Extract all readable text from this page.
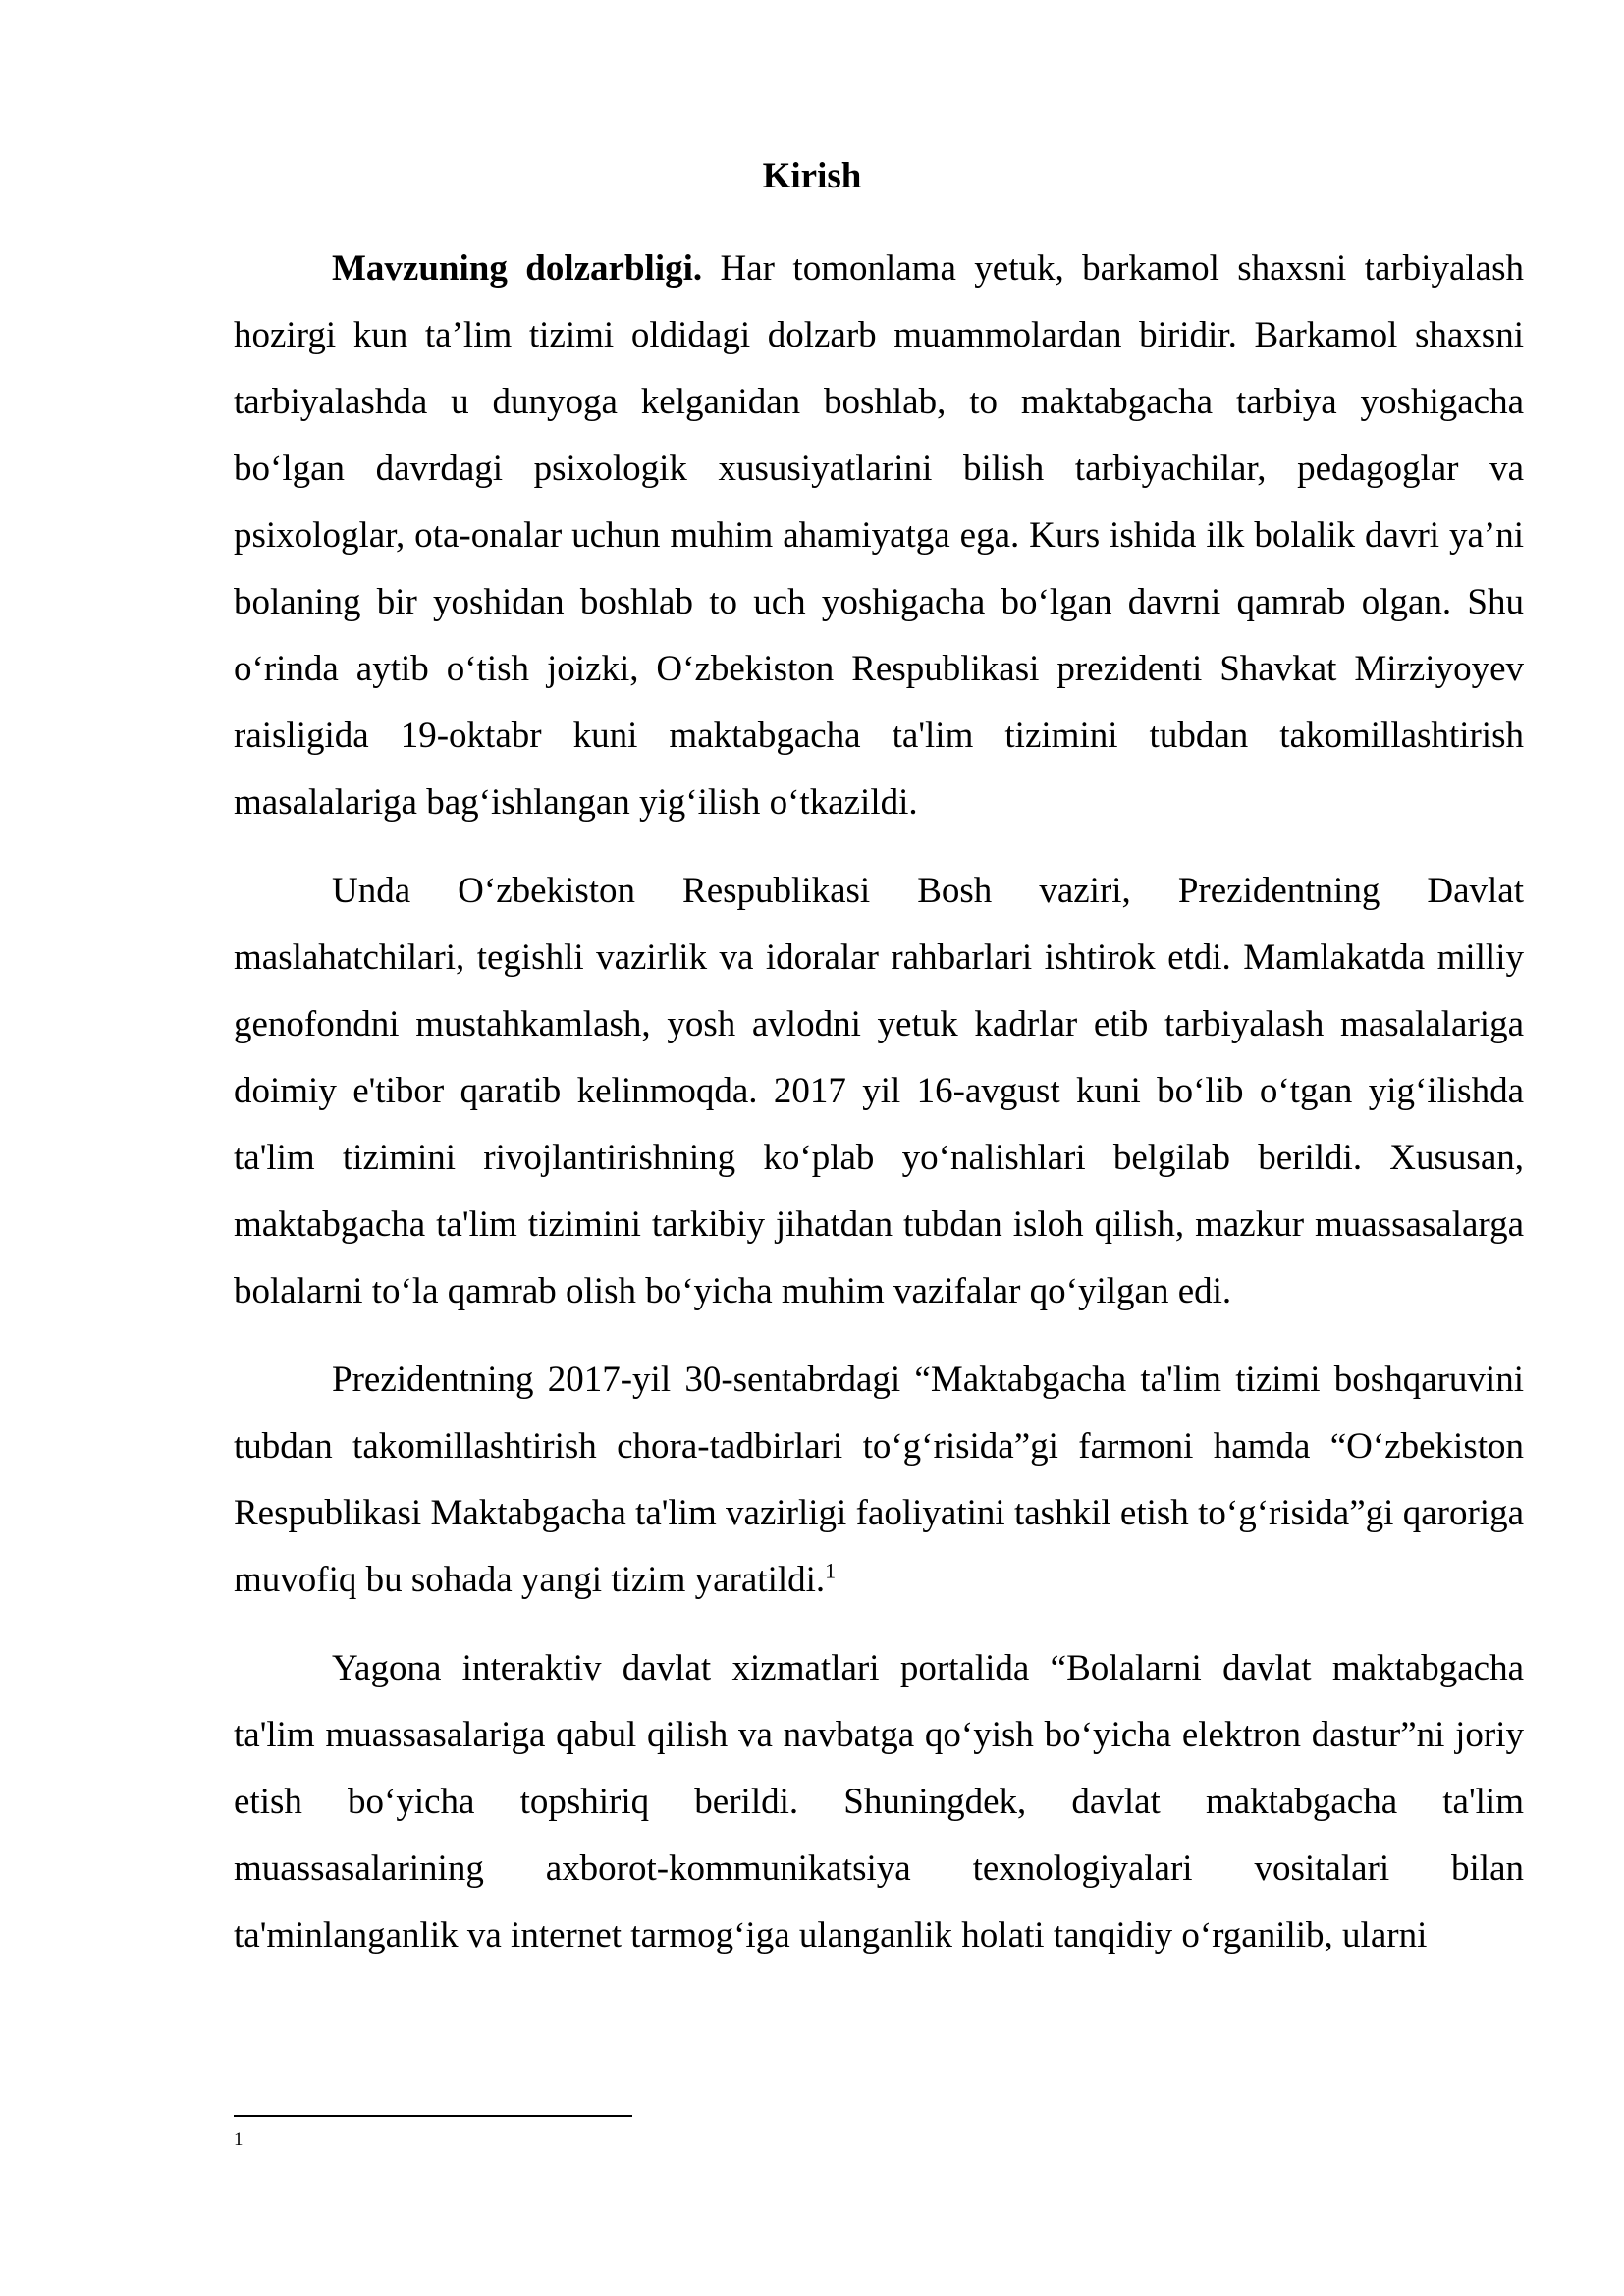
Kirish

Mavzuning dolzarbligi. Har tomonlama yetuk, barkamol shaxsni tarbiyalash hozirgi kun ta’lim tizimi oldidagi dolzarb muammolardan biridir. Barkamol shaxsni tarbiyalashda u dunyoga kelganidan boshlab, to maktabgacha tarbiya yoshigacha bo‘lgan davrdagi psixologik xususiyatlarini bilish tarbiyachilar, pedagoglar va psixologlar, ota-onalar uchun muhim ahamiyatga ega. Kurs ishida ilk bolalik davri ya’ni bolaning bir yoshidan boshlab to uch yoshigacha bo‘lgan davrni qamrab olgan. Shu o‘rinda aytib o‘tish joizki, O‘zbekiston Respublikasi prezidenti Shavkat Mirziyoyev raisligida 19-oktabr kuni maktabgacha ta'lim tizimini tubdan takomillashtirish masalalariga bag‘ishlangan yig‘ilish o‘tkazildi.

Unda O‘zbekiston Respublikasi Bosh vaziri, Prezidentning Davlat maslahatchilari, tegishli vazirlik va idoralar rahbarlari ishtirok etdi. Mamlakatda milliy genofondni mustahkamlash, yosh avlodni yetuk kadrlar etib tarbiyalash masalalariga doimiy e'tibor qaratib kelinmoqda. 2017 yil 16-avgust kuni bo‘lib o‘tgan yig‘ilishda ta'lim tizimini rivojlantirishning ko‘plab yo‘nalishlari belgilab berildi. Xususan, maktabgacha ta'lim tizimini tarkibiy jihatdan tubdan isloh qilish, mazkur muassasalarga bolalarni to‘la qamrab olish bo‘yicha muhim vazifalar qo‘yilgan edi.

Prezidentning 2017-yil 30-sentabrdagi “Maktabgacha ta'lim tizimi boshqaruvini tubdan takomillashtirish chora-tadbirlari to‘g‘risida”gi farmoni hamda “O‘zbekiston Respublikasi Maktabgacha ta'lim vazirligi faoliyatini tashkil etish to‘g‘risida”gi qaroriga muvofiq bu sohada yangi tizim yaratildi.$^1$

Yagona interaktiv davlat xizmatlari portalida “Bolalarni davlat maktabgacha ta'lim muassasalariga qabul qilish va navbatga qo‘yish bo‘yicha elektron dastur”ni joriy etish bo‘yicha topshiriq berildi. Shuningdek, davlat maktabgacha ta'lim muassasalarining axborot-kommunikatsiya texnologiyalari vositalari bilan ta'minlanganlik va internet tarmog‘iga ulanganlik holati tanqidiy o‘rganilib, ularni

1
